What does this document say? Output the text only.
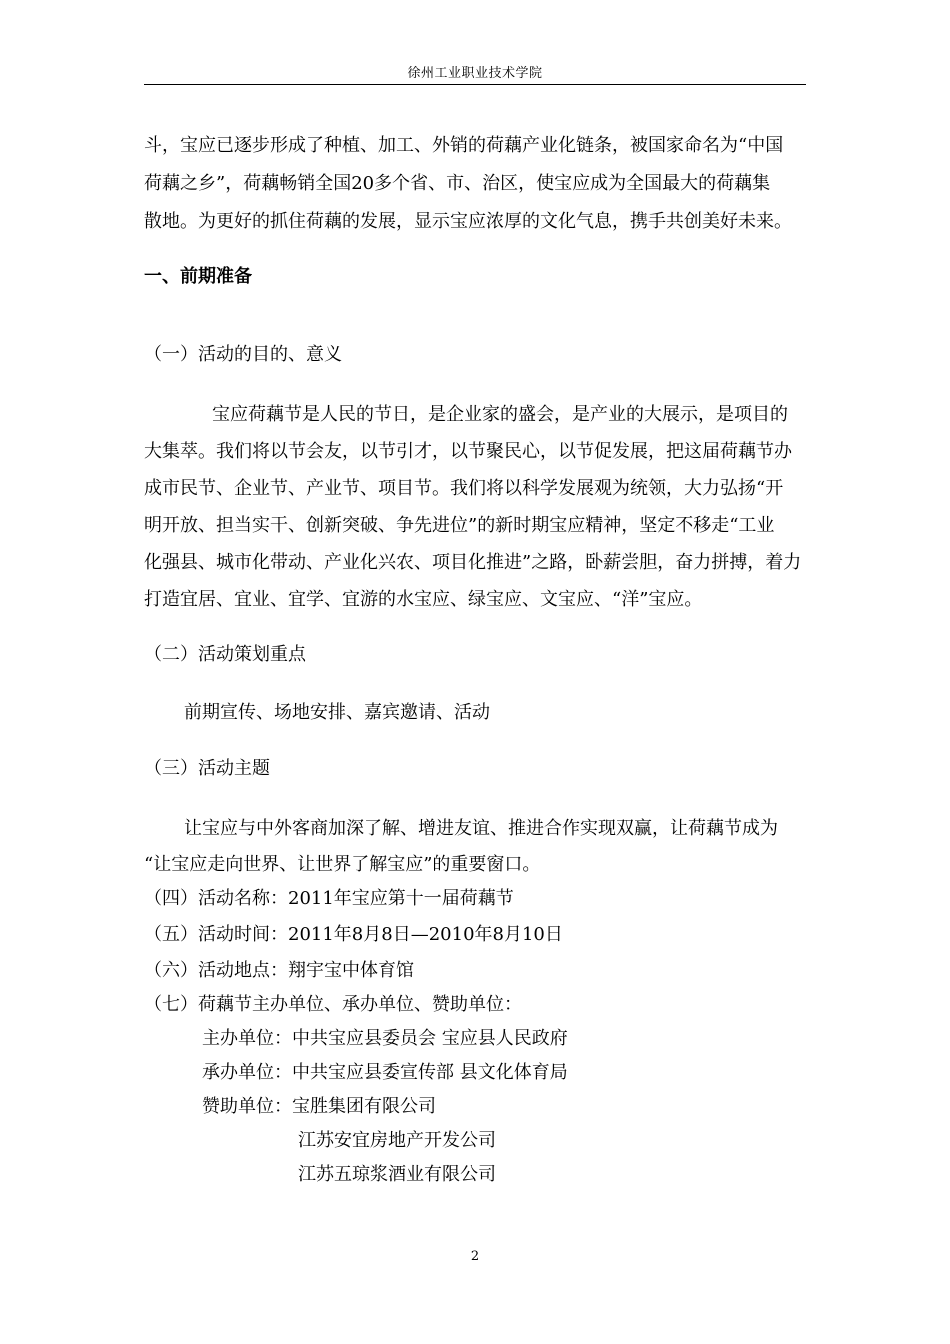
徐州工业职业技术学院
斗，宝应已逐步形成了种植、加工、外销的荷藕产业化链条，被国家命名为“中国
荷藕之乡”，荷藕畅销全国20多个省、市、治区，使宝应成为全国最大的荷藕集
散地。为更好的抓住荷藕的发展，显示宝应浓厚的文化气息，携手共创美好未来。
一、前期准备
（一）活动的目的、意义
宝应荷藕节是人民的节日，是企业家的盛会，是产业的大展示，是项目的
大集萃。我们将以节会友，以节引才，以节聚民心，以节促发展，把这届荷藕节办
成市民节、企业节、产业节、项目节。我们将以科学发展观为统领，大力弘扬“开
明开放、担当实干、创新突破、争先进位”的新时期宝应精神，坚定不移走“工业
化强县、城市化带动、产业化兴农、项目化推进”之路，卧薪尝胆，奋力拼搏，着力
打造宜居、宜业、宜学、宜游的水宝应、绿宝应、文宝应、“洋”宝应。
（二）活动策划重点
前期宣传、场地安排、嘉宾邀请、活动
（三）活动主题
让宝应与中外客商加深了解、增进友谊、推进合作实现双赢，让荷藕节成为
“让宝应走向世界、让世界了解宝应”的重要窗口。
（四）活动名称：2011年宝应第十一届荷藕节
（五）活动时间：2011年8月8日—2010年8月10日
（六）活动地点：翔宇宝中体育馆
（七）荷藕节主办单位、承办单位、赞助单位：
主办单位：中共宝应县委员会 宝应县人民政府
承办单位：中共宝应县委宣传部 县文化体育局
赞助单位：宝胜集团有限公司
江苏安宜房地产开发公司
江苏五琼浆酒业有限公司
2
